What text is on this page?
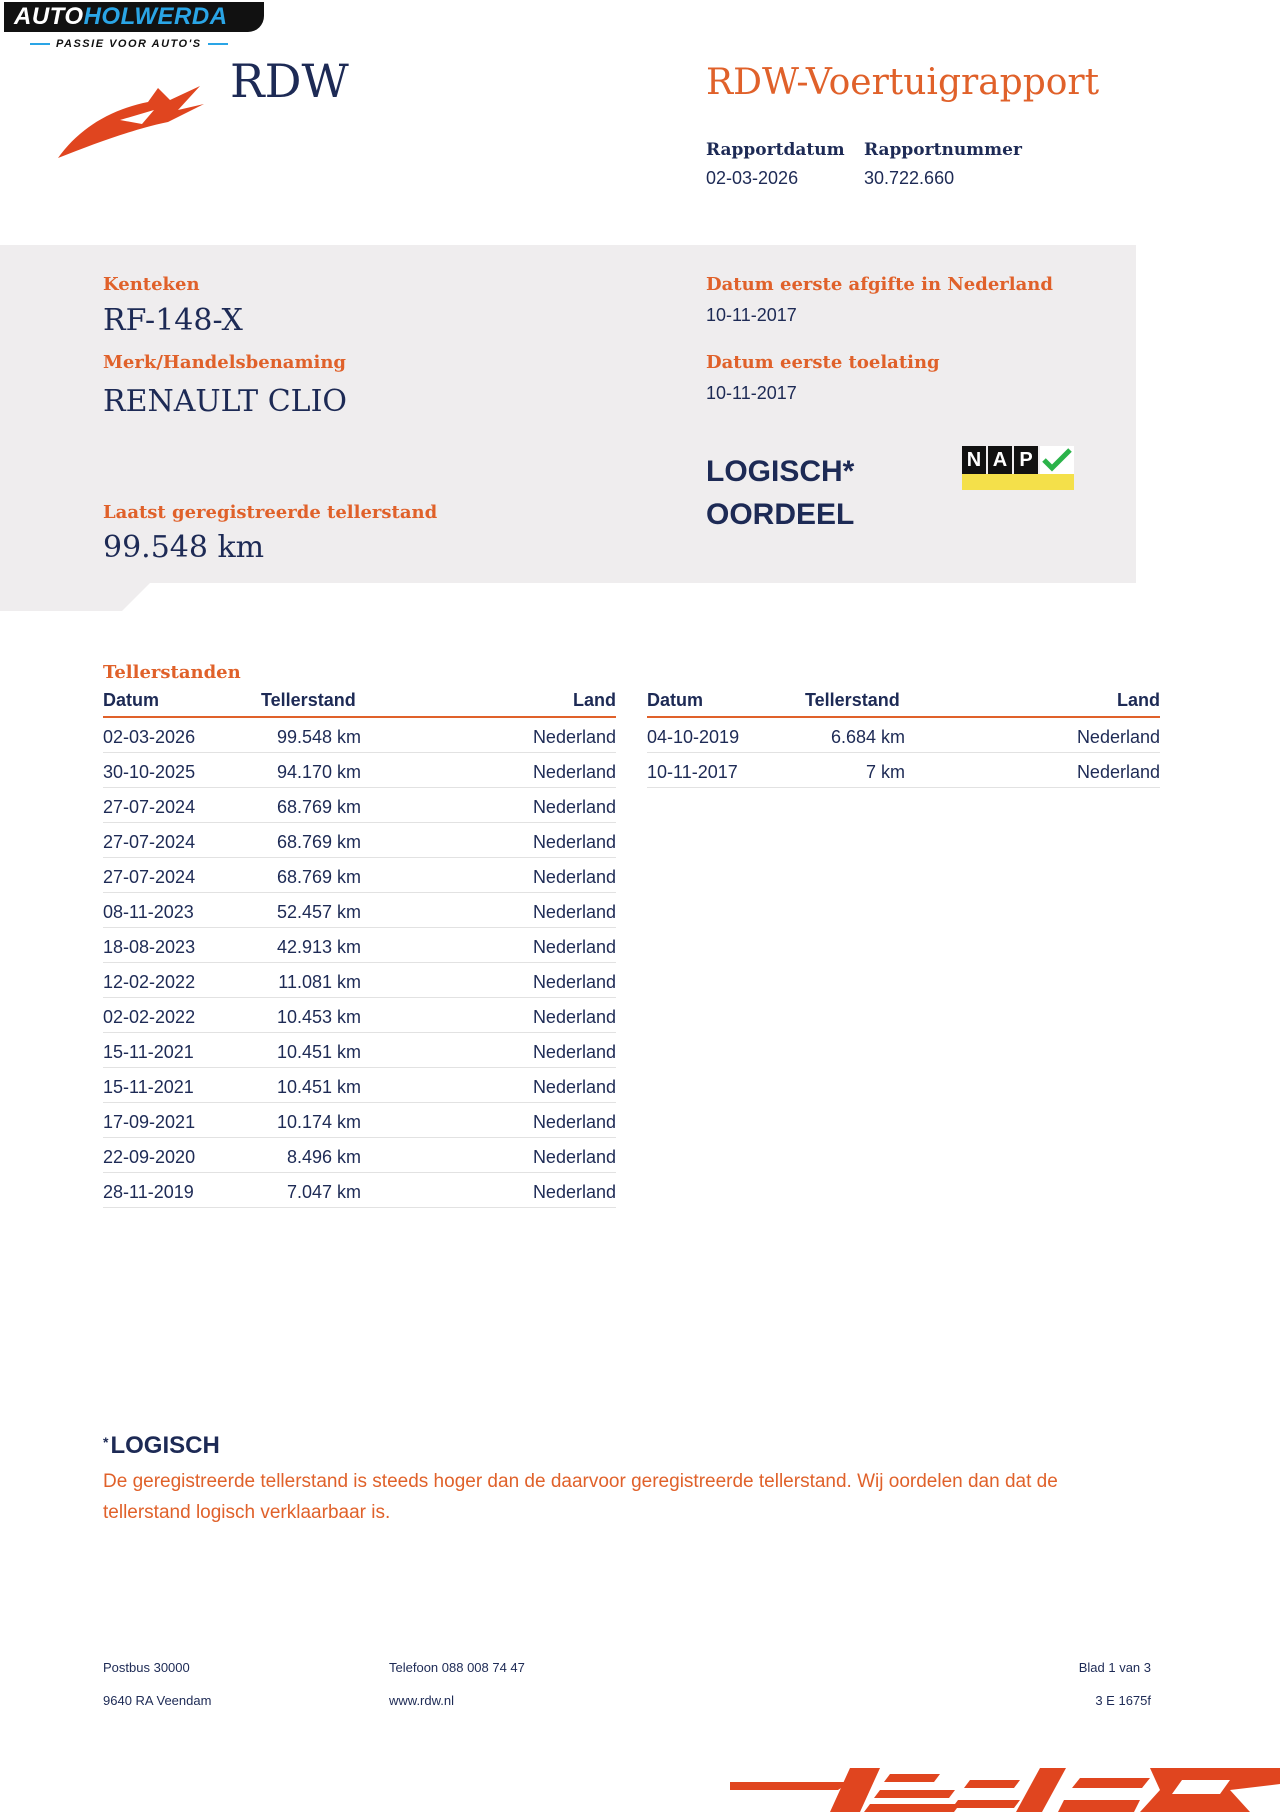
AUTOHOLWERDA
PASSIE VOOR AUTO'S
RDW	RDW-Voertuigrapport
Rapportdatum
02-03-2026
Rapportnummer
30.722.660
Kenteken
RF-148-X
Merk/Handelsbenaming
RENAULT CLIO
Laatst geregistreerde tellerstand
99.548 km
Datum eerste afgifte in Nederland
10-11-2017
Datum eerste toelating
10-11-2017
LOGISCH*
OORDEEL
N A P
Tellerstanden
Datum	Tellerstand	Land
02-03-2026	99.548 km	Nederland
30-10-2025	94.170 km	Nederland
27-07-2024	68.769 km	Nederland
27-07-2024	68.769 km	Nederland
27-07-2024	68.769 km	Nederland
08-11-2023	52.457 km	Nederland
18-08-2023	42.913 km	Nederland
12-02-2022	11.081 km	Nederland
02-02-2022	10.453 km	Nederland
15-11-2021	10.451 km	Nederland
15-11-2021	10.451 km	Nederland
17-09-2021	10.174 km	Nederland
22-09-2020	8.496 km	Nederland
28-11-2019	7.047 km	Nederland
Datum	Tellerstand	Land
04-10-2019	6.684 km	Nederland
10-11-2017	7 km	Nederland
*LOGISCH
De geregistreerde tellerstand is steeds hoger dan de daarvoor geregistreerde tellerstand. Wij oordelen dan dat de tellerstand logisch verklaarbaar is.
Postbus 30000
9640 RA Veendam
Telefoon 088 008 74 47
www.rdw.nl
Blad 1 van 3
3 E 1675f
